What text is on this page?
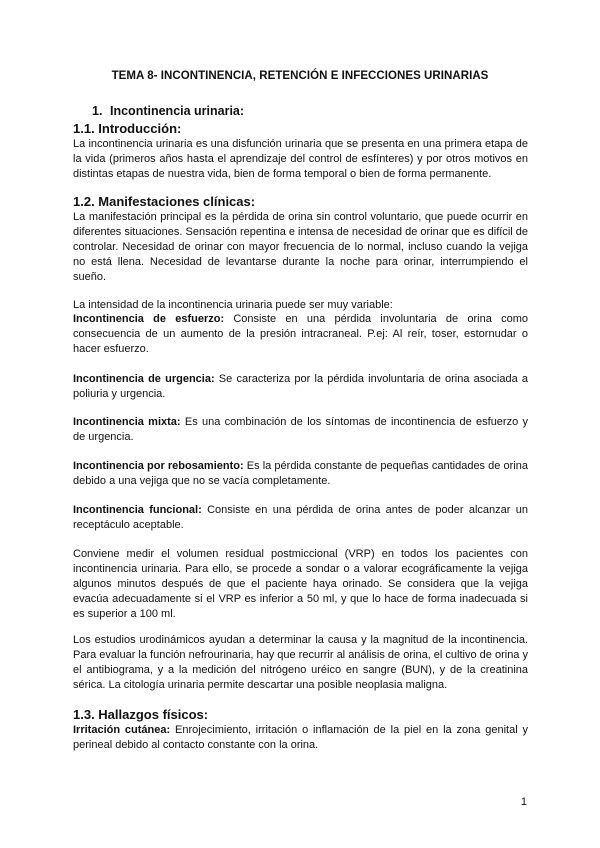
TEMA 8- INCONTINENCIA, RETENCIÓN E INFECCIONES URINARIAS
1. Incontinencia urinaria:
1.1. Introducción:
La incontinencia urinaria es una disfunción urinaria que se presenta en una primera etapa de la vida (primeros años hasta el aprendizaje del control de esfínteres) y por otros motivos en distintas etapas de nuestra vida, bien de forma temporal o bien de forma permanente.
1.2. Manifestaciones clínicas:
La manifestación principal es la pérdida de orina sin control voluntario, que puede ocurrir en diferentes situaciones. Sensación repentina e intensa de necesidad de orinar que es difícil de controlar. Necesidad de orinar con mayor frecuencia de lo normal, incluso cuando la vejiga no está llena. Necesidad de levantarse durante la noche para orinar, interrumpiendo el sueño.
La intensidad de la incontinencia urinaria puede ser muy variable:
Incontinencia de esfuerzo: Consiste en una pérdida involuntaria de orina como consecuencia de un aumento de la presión intracraneal. P.ej: Al reír, toser, estornudar o hacer esfuerzo.
Incontinencia de urgencia: Se caracteriza por la pérdida involuntaria de orina asociada a poliuria y urgencia.
Incontinencia mixta: Es una combinación de los síntomas de incontinencia de esfuerzo y de urgencia.
Incontinencia por rebosamiento: Es la pérdida constante de pequeñas cantidades de orina debido a una vejiga que no se vacía completamente.
Incontinencia funcional: Consiste en una pérdida de orina antes de poder alcanzar un receptáculo aceptable.
Conviene medir el volumen residual postmiccional (VRP) en todos los pacientes con incontinencia urinaria. Para ello, se procede a sondar o a valorar ecográficamente la vejiga algunos minutos después de que el paciente haya orinado. Se considera que la vejiga evacúa adecuadamente si el VRP es inferior a 50 ml, y que lo hace de forma inadecuada si es superior a 100 ml.
Los estudios urodinámicos ayudan a determinar la causa y la magnitud de la incontinencia. Para evaluar la función nefrourinaria, hay que recurrir al análisis de orina, el cultivo de orina y el antibiograma, y a la medición del nitrógeno uréico en sangre (BUN), y de la creatinina sérica. La citología urinaria permite descartar una posible neoplasia maligna.
1.3. Hallazgos físicos:
Irritación cutánea: Enrojecimiento, irritación o inflamación de la piel en la zona genital y perineal debido al contacto constante con la orina.
1
